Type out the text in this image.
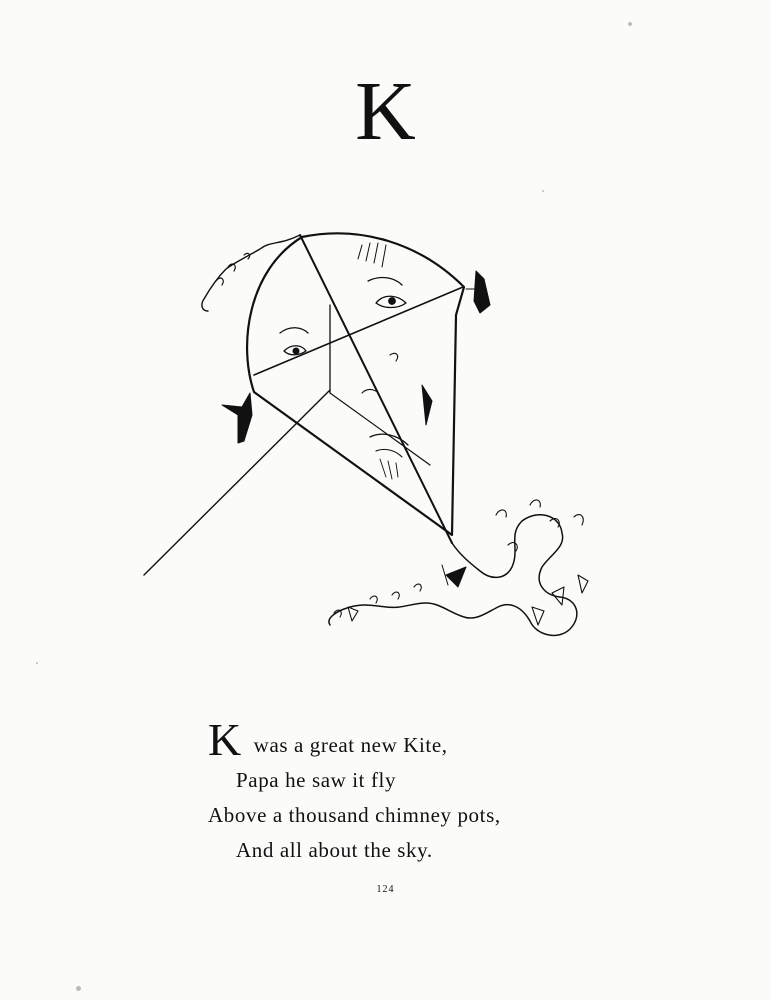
K
K was a great new Kite,
Papa he saw it fly
Above a thousand chimney pots,
And all about the sky.
124
